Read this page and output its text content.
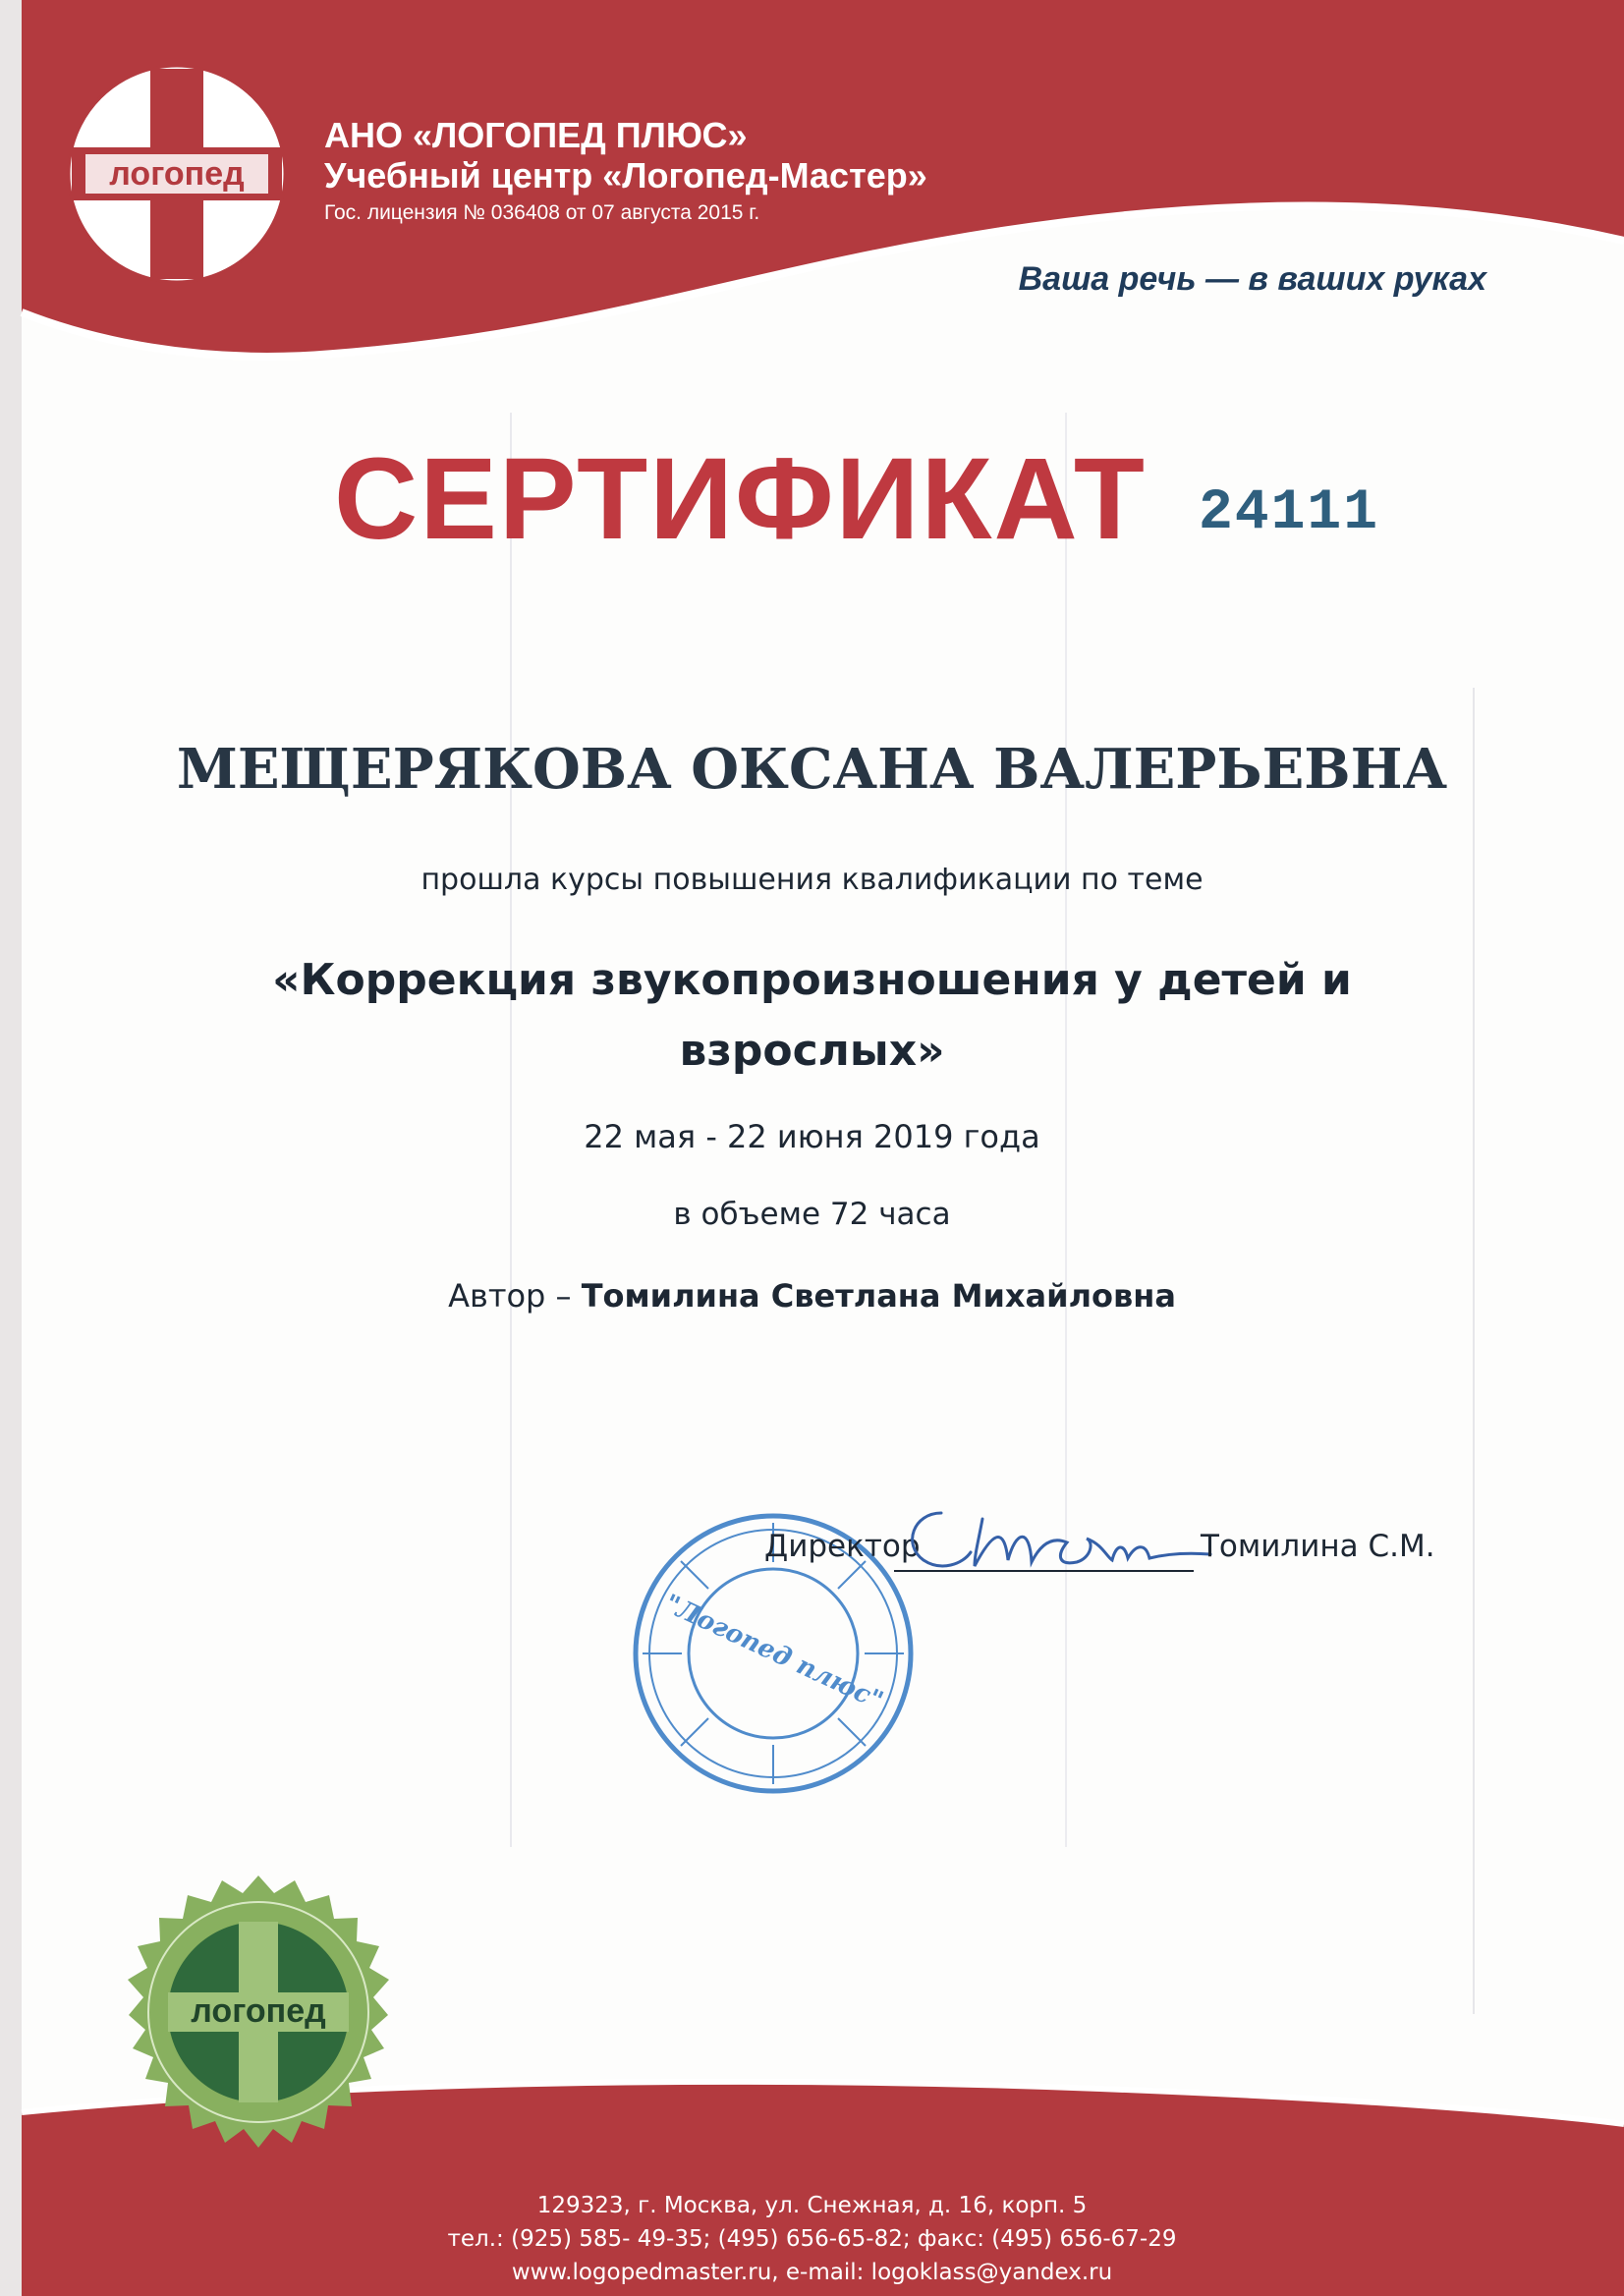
логопед
АНО «ЛОГОПЕД ПЛЮС»
Учебный центр «Логопед-Мастер»
Гос. лицензия № 036408 от 07 августа 2015 г.
Ваша речь — в ваших руках
СЕРТИФИКАТ 24111
МЕЩЕРЯКОВА ОКСАНА ВАЛЕРЬЕВНА
прошла курсы повышения квалификации по теме
«Коррекция звукопроизношения у детей и
взрослых»
22 мая - 22 июня 2019 года
в объеме 72 часа
Автор – Томилина Светлана Михайловна
"Логопед плюс"
Директор	Томилина С.М.
логопед
129323, г. Москва, ул. Снежная, д. 16, корп. 5
тел.: (925) 585- 49-35; (495) 656-65-82; факс: (495) 656-67-29
www.logopedmaster.ru, e-mail: logoklass@yandex.ru
